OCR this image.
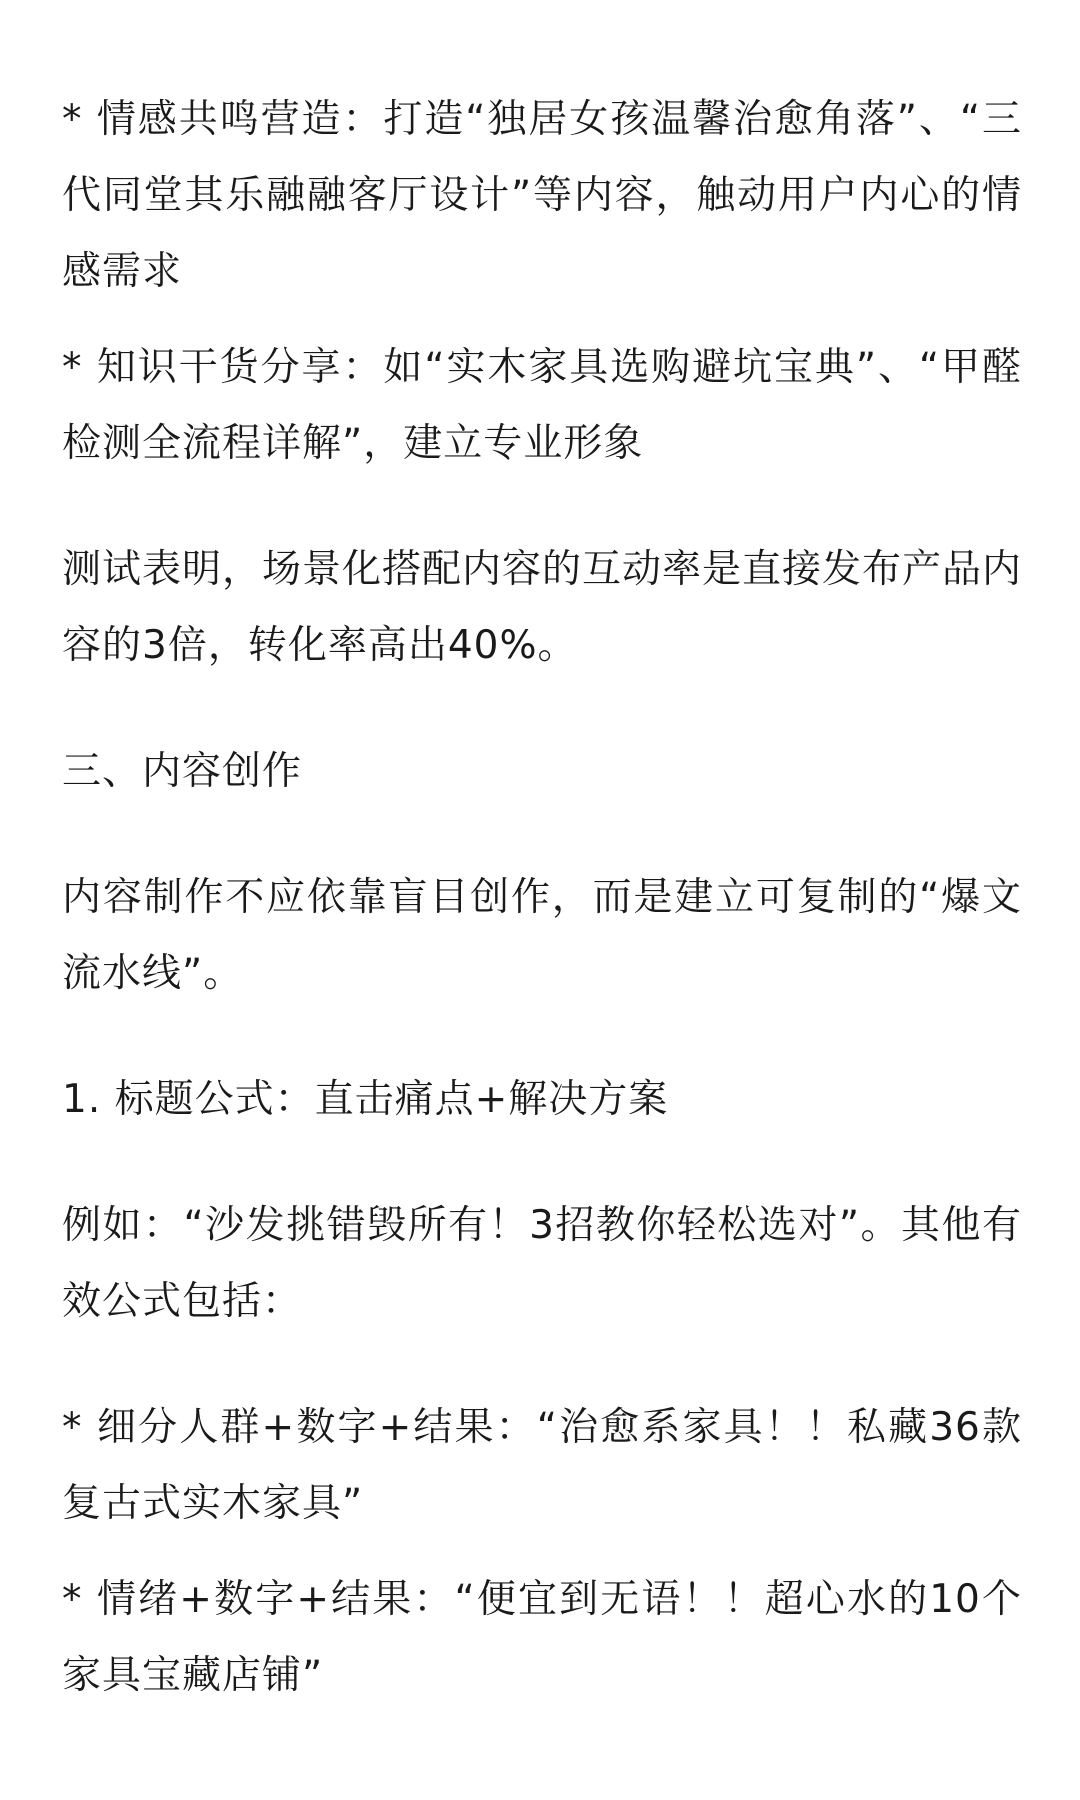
* 情感共鸣营造：打造“独居女孩温馨治愈角落”、“三代同堂其乐融融客厅设计”等内容，触动用户内心的情感需求

* 知识干货分享：如“实木家具选购避坑宝典”、“甲醛检测全流程详解”，建立专业形象

测试表明，场景化搭配内容的互动率是直接发布产品内容的3倍，转化率高出40%。

三、内容创作

内容制作不应依靠盲目创作，而是建立可复制的“爆文流水线”。

1. 标题公式：直击痛点+解决方案

例如：“沙发挑错毁所有！3招教你轻松选对”。其他有效公式包括：

* 细分人群+数字+结果：“治愈系家具！！私藏36款复古式实木家具”

* 情绪+数字+结果：“便宜到无语！！超心水的10个家具宝藏店铺”
